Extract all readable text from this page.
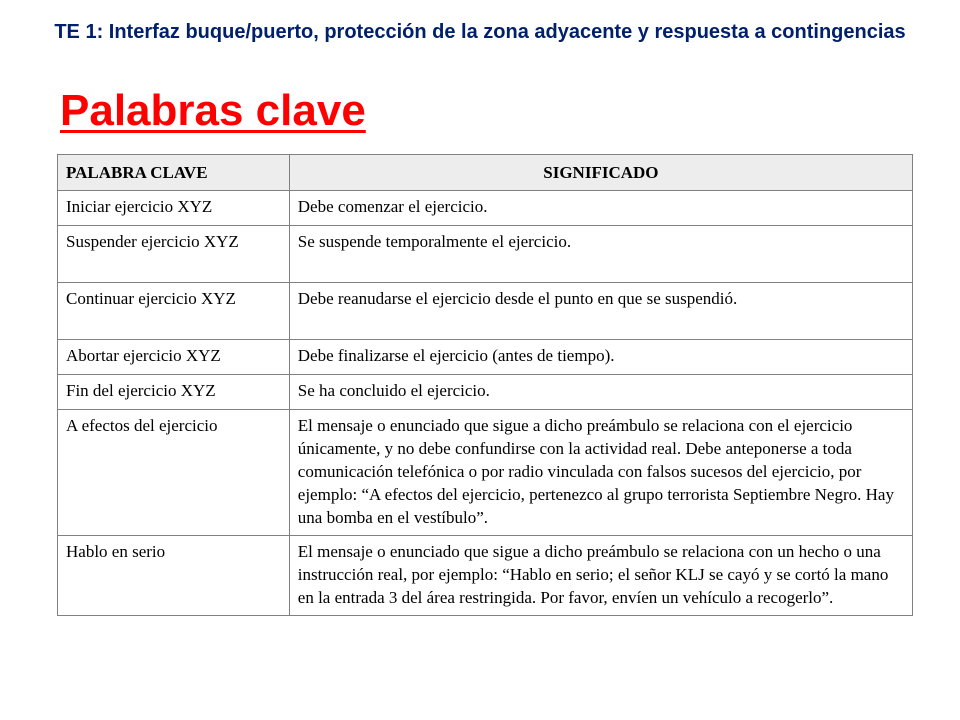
TE 1: Interfaz buque/puerto, protección de la zona adyacente y respuesta a contingencias
Palabras clave
PALABRA CLAVE	SIGNIFICADO
Iniciar ejercicio XYZ	Debe comenzar el ejercicio.
Suspender ejercicio XYZ	Se suspende temporalmente el ejercicio.
Continuar ejercicio XYZ	Debe reanudarse el ejercicio desde el punto en que se suspendió.
Abortar ejercicio XYZ	Debe finalizarse el ejercicio (antes de tiempo).
Fin del ejercicio XYZ	Se ha concluido el ejercicio.
A efectos del ejercicio	El mensaje o enunciado que sigue a dicho preámbulo se relaciona con el ejercicio únicamente, y no debe confundirse con la actividad real. Debe anteponerse a toda comunicación telefónica o por radio vinculada con falsos sucesos del ejercicio, por ejemplo: “A efectos del ejercicio, pertenezco al grupo terrorista Septiembre Negro. Hay una bomba en el vestíbulo”.
Hablo en serio	El mensaje o enunciado que sigue a dicho preámbulo se relaciona con un hecho o una instrucción real, por ejemplo: “Hablo en serio; el señor KLJ se cayó y se cortó la mano en la entrada 3 del área restringida. Por favor, envíen un vehículo a recogerlo”.
